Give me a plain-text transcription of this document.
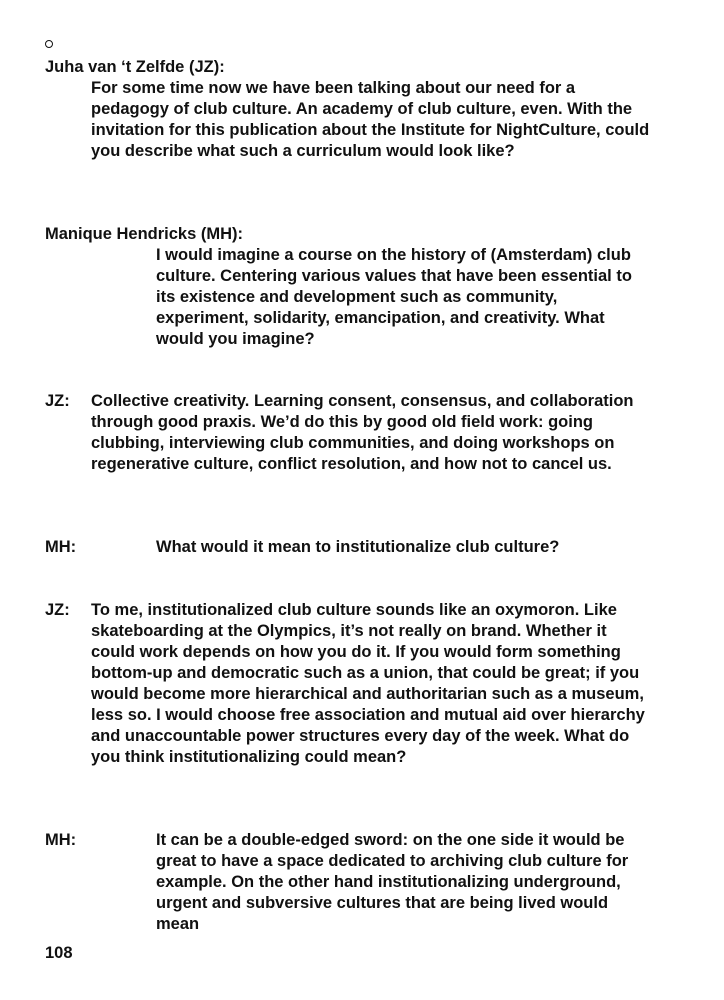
Juha van ‘t Zelfde (JZ):
For some time now we have been talking about our need for a pedagogy of club culture. An academy of club culture, even. With the invitation for this publication about the Institute for NightCulture, could you describe what such a curriculum would look like?
Manique Hendricks (MH):
I would imagine a course on the history of (Amsterdam) club culture. Centering various values that have been essential to its existence and development such as community, experiment, solidarity, emancipation, and creativity. What would you imagine?
JZ:	Collective creativity. Learning consent, consensus, and collaboration through good praxis. We’d do this by good old field work: going clubbing, interviewing club communities, and doing workshops on regenerative culture, conflict resolution, and how not to cancel us.
MH:	What would it mean to institutionalize club culture?
JZ:	To me, institutionalized club culture sounds like an oxymoron. Like skateboarding at the Olympics, it’s not really on brand. Whether it could work depends on how you do it. If you would form something bottom-up and democratic such as a union, that could be great; if you would become more hierarchical and authoritarian such as a museum, less so. I would choose free association and mutual aid over hierarchy and unaccountable power structures every day of the week. What do you think institutionalizing could mean?
MH:	It can be a double-edged sword: on the one side it would be great to have a space dedicated to archiving club culture for example. On the other hand institutionalizing underground, urgent and subversive cultures that are being lived would mean
108
